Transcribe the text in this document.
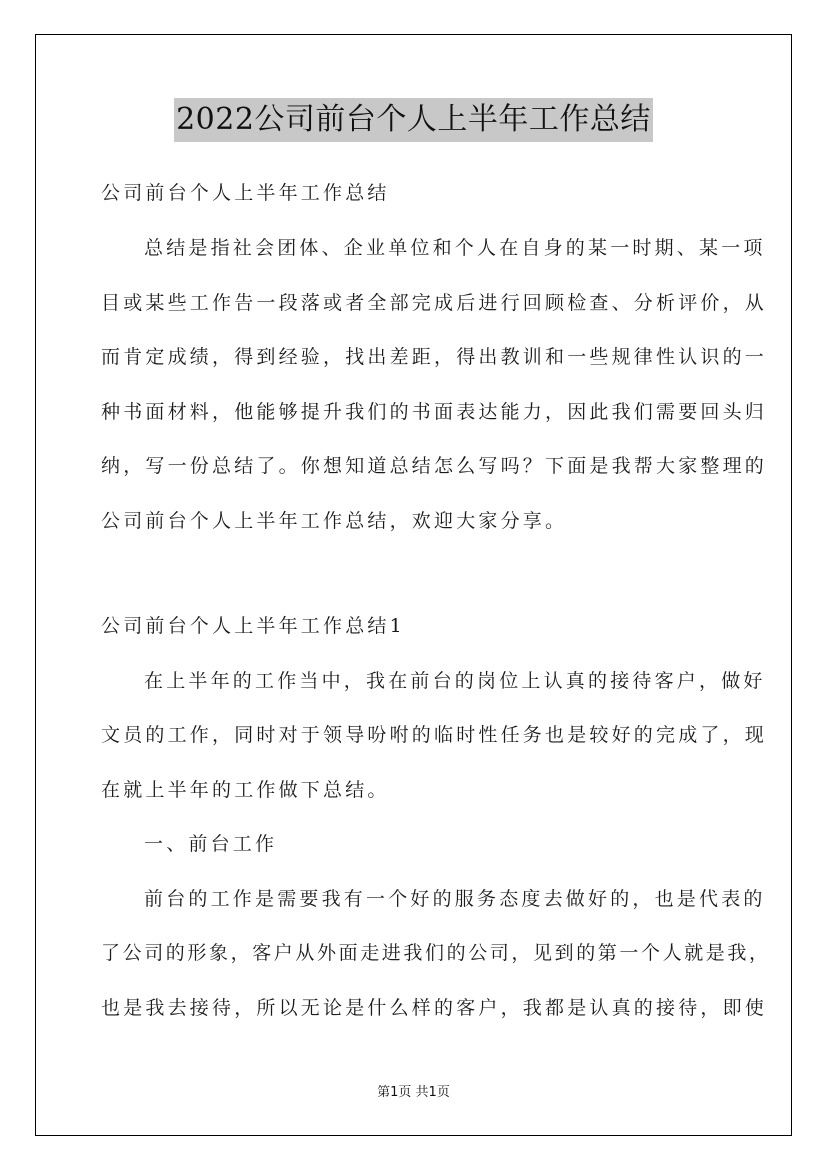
2022公司前台个人上半年工作总结
公司前台个人上半年工作总结
总结是指社会团体、企业单位和个人在自身的某一时期、某一项
目或某些工作告一段落或者全部完成后进行回顾检查、分析评价，从
而肯定成绩，得到经验，找出差距，得出教训和一些规律性认识的一
种书面材料，他能够提升我们的书面表达能力，因此我们需要回头归
纳，写一份总结了。你想知道总结怎么写吗？下面是我帮大家整理的
公司前台个人上半年工作总结，欢迎大家分享。
公司前台个人上半年工作总结1
在上半年的工作当中，我在前台的岗位上认真的接待客户，做好
文员的工作，同时对于领导吩咐的临时性任务也是较好的完成了，现
在就上半年的工作做下总结。
一、前台工作
前台的工作是需要我有一个好的服务态度去做好的，也是代表的
了公司的形象，客户从外面走进我们的公司，见到的第一个人就是我，
也是我去接待，所以无论是什么样的客户，我都是认真的接待，即使
第1页 共1页
